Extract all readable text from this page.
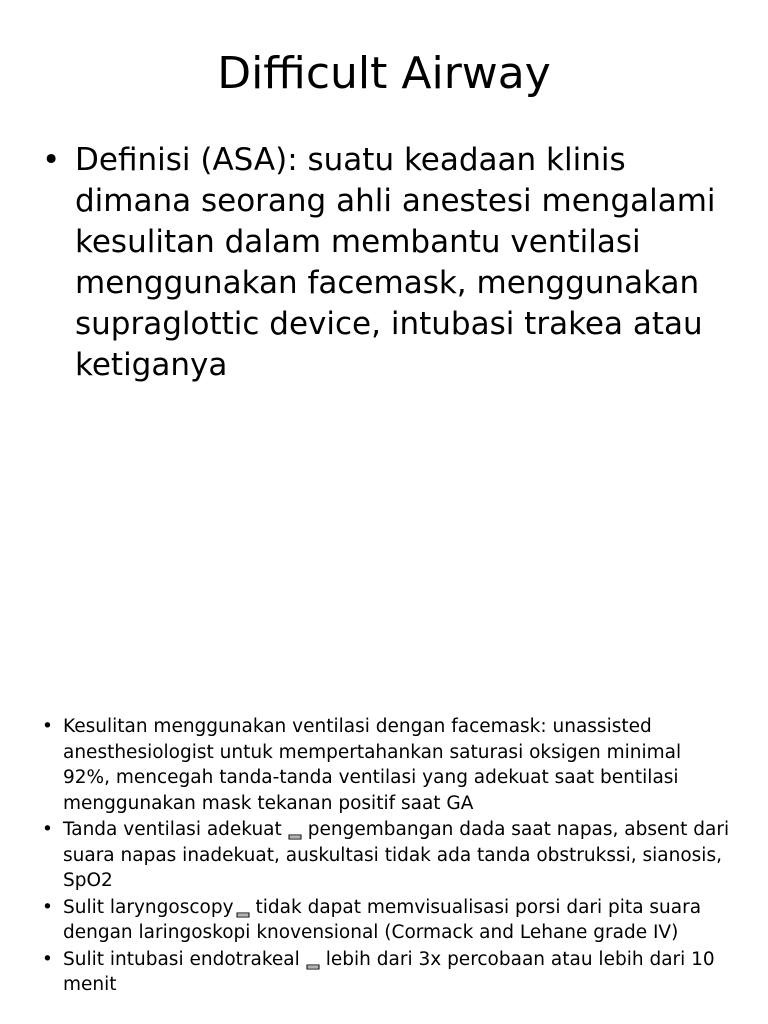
Difficult Airway
• Definisi (ASA): suatu keadaan klinis dimana seorang ahli anestesi mengalami kesulitan dalam membantu ventilasi menggunakan facemask, menggunakan supraglottic device, intubasi trakea atau ketiganya
• Kesulitan menggunakan ventilasi dengan facemask: unassisted anesthesiologist untuk mempertahankan saturasi oksigen minimal 92%, mencegah tanda-tanda ventilasi yang adekuat saat bentilasi menggunakan mask tekanan positif saat GA
• Tanda ventilasi adekuat pengembangan dada saat napas, absent dari suara napas inadekuat, auskultasi tidak ada tanda obstrukssi, sianosis, SpO2
• Sulit laryngoscopy tidak dapat memvisualisasi porsi dari pita suara dengan laringoskopi knovensional (Cormack and Lehane grade IV)
• Sulit intubasi endotrakeal lebih dari 3x percobaan atau lebih dari 10 menit
